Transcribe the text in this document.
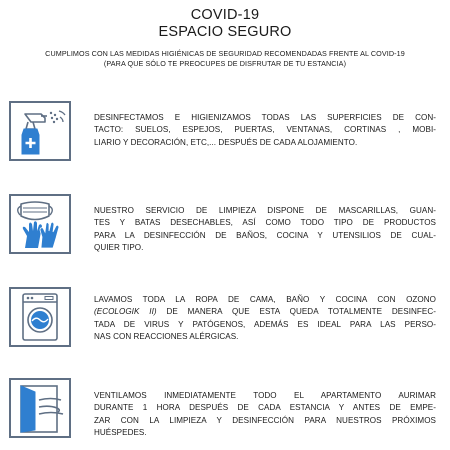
COVID-19
ESPACIO SEGURO
CUMPLIMOS CON LAS MEDIDAS HIGIÉNICAS DE SEGURIDAD RECOMENDADAS FRENTE AL COVID-19
(PARA QUE SÓLO TE PREOCUPES DE DISFRUTAR DE TU ESTANCIA)
DESINFECTAMOS E HIGIENIZAMOS TODAS LAS SUPERFICIES DE CON-
TACTO: SUELOS, ESPEJOS, PUERTAS, VENTANAS, CORTINAS , MOBI-
LIARIO Y DECORACIÓN, ETC,... DESPUÉS DE CADA ALOJAMIENTO.
NUESTRO SERVICIO DE LIMPIEZA DISPONE DE MASCARILLAS, GUAN-
TES Y BATAS DESECHABLES, ASÍ COMO TODO TIPO DE PRODUCTOS
PARA LA DESINFECCIÓN DE BAÑOS, COCINA Y UTENSILIOS DE CUAL-
QUIER TIPO.
LAVAMOS TODA LA ROPA DE CAMA, BAÑO Y COCINA CON OZONO
(ECOLOGIK II) DE MANERA QUE ESTA QUEDA TOTALMENTE DESINFEC-
TADA DE VIRUS Y PATÓGENOS, ADEMÁS ES IDEAL PARA LAS PERSO-
NAS CON REACCIONES ALÉRGICAS.
VENTILAMOS INMEDIATAMENTE TODO EL APARTAMENTO AURIMAR
DURANTE 1 HORA DESPUÉS DE CADA ESTANCIA Y ANTES DE EMPE-
ZAR CON LA LIMPIEZA Y DESINFECCIÓN PARA NUESTROS PRÓXIMOS
HUÉSPEDES.
